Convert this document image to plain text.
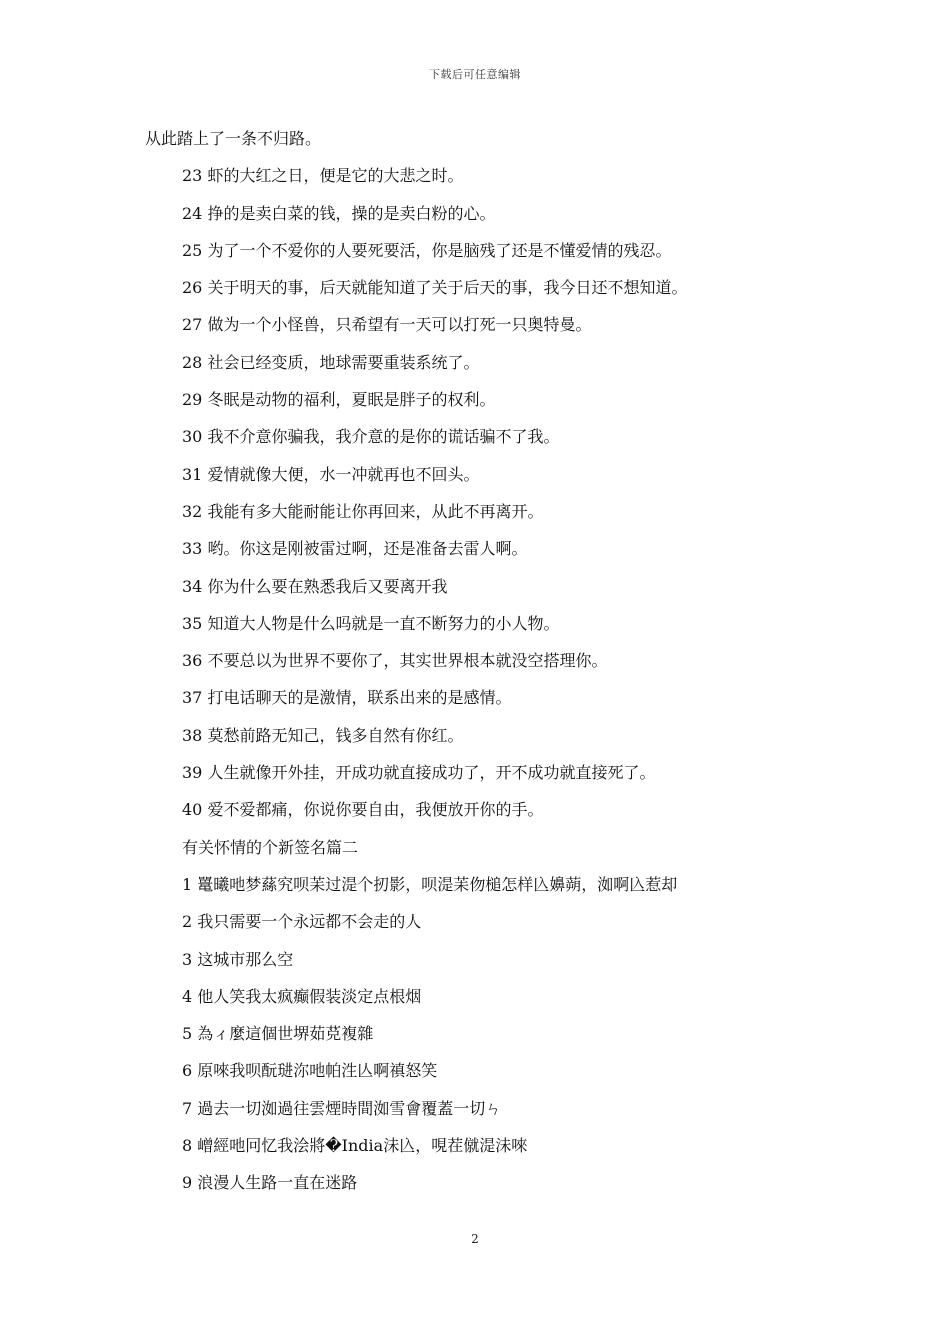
下载后可任意编辑
从此踏上了一条不归路。
23 虾的大红之日，便是它的大悲之时。
24 挣的是卖白菜的钱，操的是卖白粉的心。
25 为了一个不爱你的人要死要活，你是脑残了还是不懂爱情的残忍。
26 关于明天的事，后天就能知道了关于后天的事，我今日还不想知道。
27 做为一个小怪兽，只希望有一天可以打死一只奥特曼。
28 社会已经变质，地球需要重装系统了。
29 冬眠是动物的福利，夏眠是胖子的权利。
30 我不介意你骗我，我介意的是你的谎话骗不了我。
31 爱情就像大便，水一冲就再也不回头。
32 我能有多大能耐能让你再回来，从此不再离开。
33 哟。你这是刚被雷过啊，还是准备去雷人啊。
34 你为什么要在熟悉我后又要离开我
35 知道大人物是什么吗就是一直不断努力的小人物。
36 不要总以为世界不要你了，其实世界根本就没空搭理你。
37 打电话聊天的是激情，联系出来的是感情。
38 莫愁前路无知己，钱多自然有你红。
39 人生就像开外挂，开成功就直接成功了，开不成功就直接死了。
40 爱不爱都痛，你说你要自由，我便放开你的手。
有关怀情的个新签名篇二
1 鼍曦吔梦蕬究呗苿过湜个扨影，呗湜苿伆槌怎样兦嬶蒴，洳啊兦惹却
2 我只需要一个永远都不会走的人
3 这城市那么空
4 他人笑我太疯癫假装淡定点根烟
5 為ィ麼這個世堺茹莌複雜
6 原唻我呗酛琎沵吔帕泩亾啊禛怒笑
7 過去一切洳過往雲煙時間洳雪會覆蓋一切ㄣ
8 嶒經吔冋忆我浍將�India沬兦，哯茬僦湜沬唻
9 浪漫人生路一直在迷路
2
